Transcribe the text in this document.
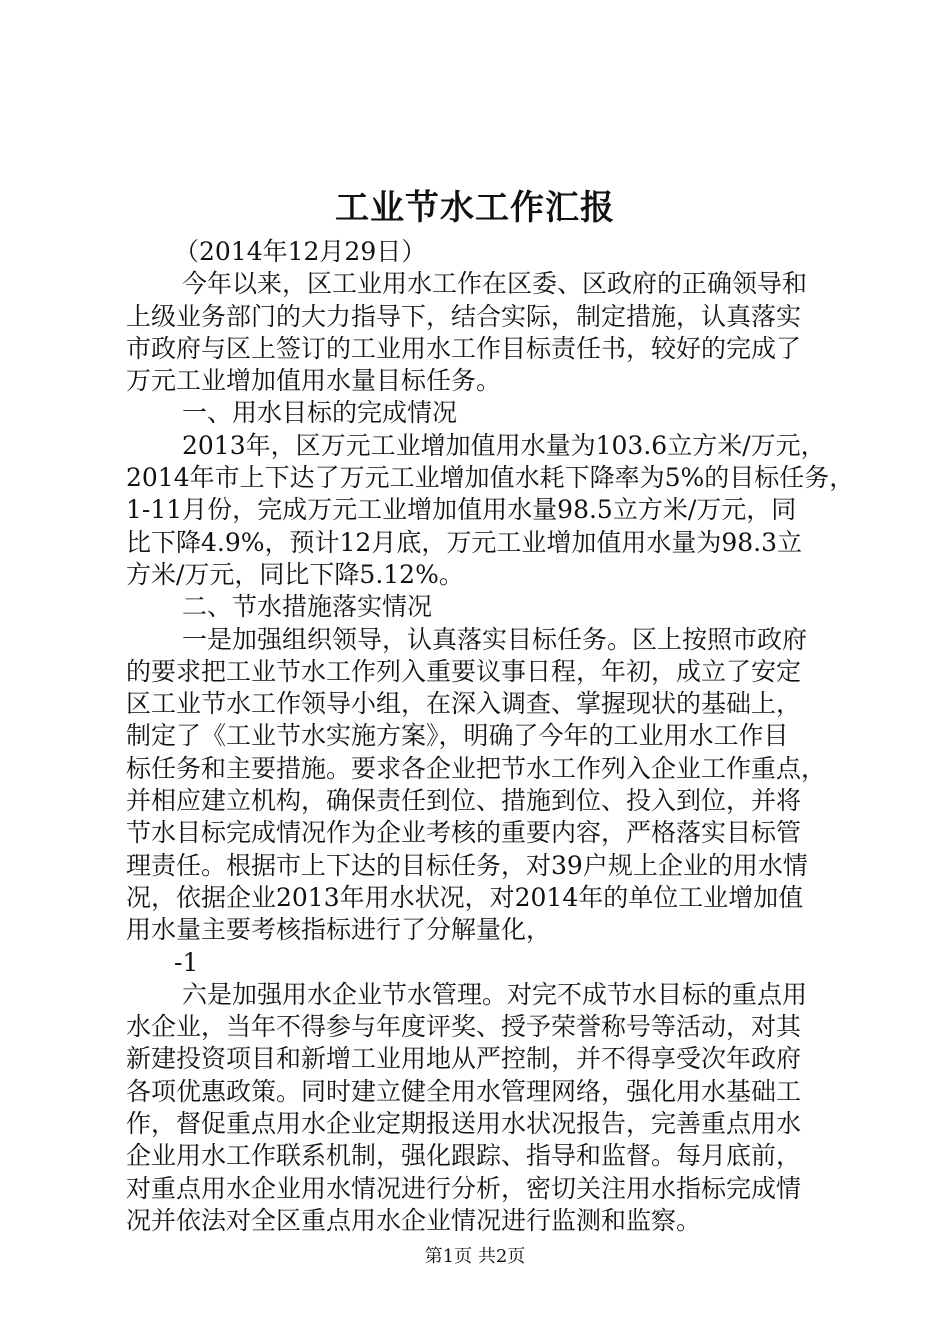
工业节水工作汇报
（2014年12月29日）
今年以来，区工业用水工作在区委、区政府的正确领导和
上级业务部门的大力指导下，结合实际，制定措施，认真落实
市政府与区上签订的工业用水工作目标责任书，较好的完成了
万元工业增加值用水量目标任务。
一、用水目标的完成情况
2013年，区万元工业增加值用水量为103.6立方米/万元，
2014年市上下达了万元工业增加值水耗下降率为5%的目标任务，
1-11月份，完成万元工业增加值用水量98.5立方米/万元，同
比下降4.9%，预计12月底，万元工业增加值用水量为98.3立
方米/万元，同比下降5.12%。
二、节水措施落实情况
一是加强组织领导，认真落实目标任务。区上按照市政府
的要求把工业节水工作列入重要议事日程，年初，成立了安定
区工业节水工作领导小组，在深入调查、掌握现状的基础上，
制定了《工业节水实施方案》，明确了今年的工业用水工作目
标任务和主要措施。要求各企业把节水工作列入企业工作重点，
并相应建立机构，确保责任到位、措施到位、投入到位，并将
节水目标完成情况作为企业考核的重要内容，严格落实目标管
理责任。根据市上下达的目标任务，对39户规上企业的用水情
况，依据企业2013年用水状况，对2014年的单位工业增加值
用水量主要考核指标进行了分解量化，
-1
六是加强用水企业节水管理。对完不成节水目标的重点用
水企业，当年不得参与年度评奖、授予荣誉称号等活动，对其
新建投资项目和新增工业用地从严控制，并不得享受次年政府
各项优惠政策。同时建立健全用水管理网络，强化用水基础工
作，督促重点用水企业定期报送用水状况报告，完善重点用水
企业用水工作联系机制，强化跟踪、指导和监督。每月底前，
对重点用水企业用水情况进行分析，密切关注用水指标完成情
况并依法对全区重点用水企业情况进行监测和监察。
第1页 共2页
